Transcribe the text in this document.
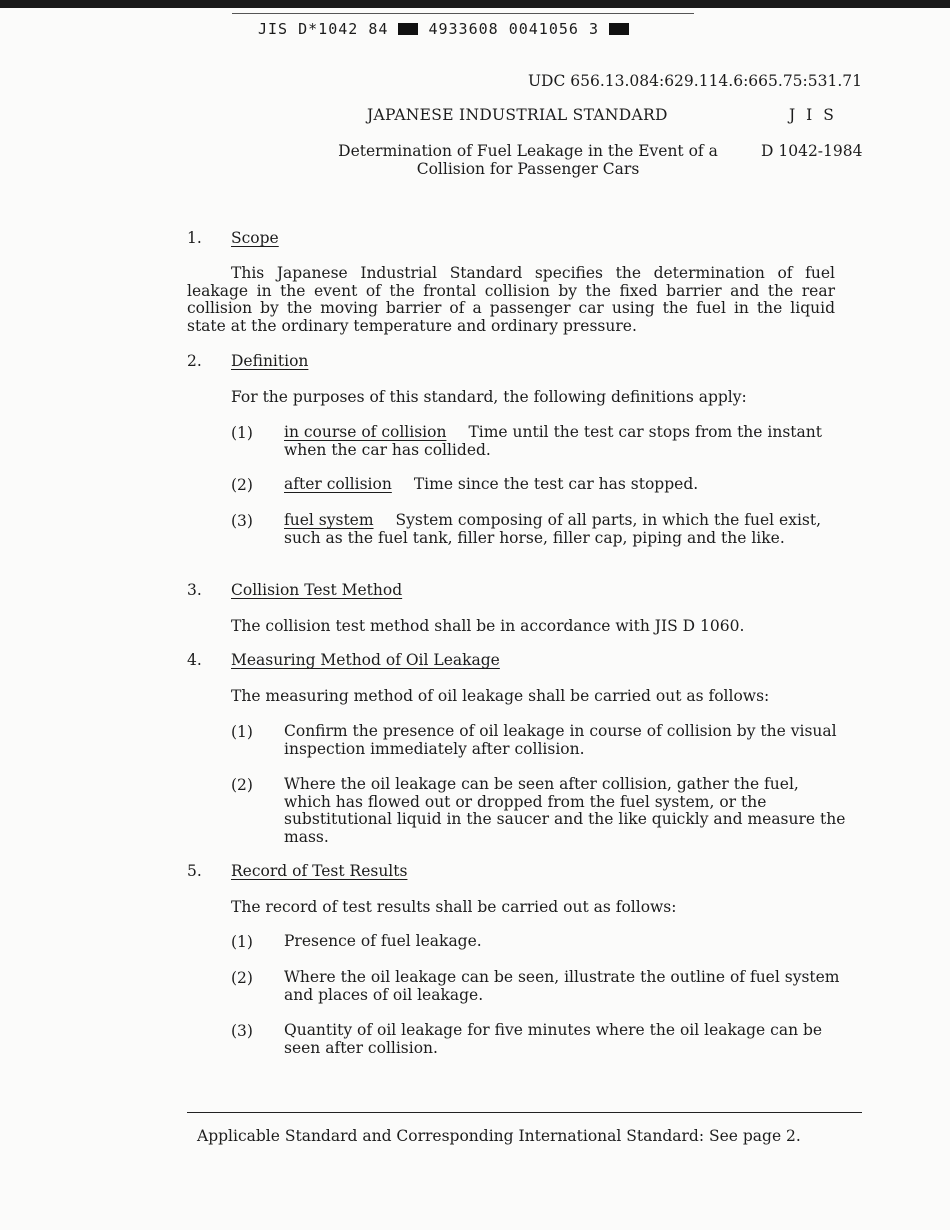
JIS D*1042 84	4933608 0041056 3
UDC 656.13.084:629.114.6:665.75:531.71
JAPANESE INDUSTRIAL STANDARD	J I S
Determination of Fuel Leakage in the Event of a Collision for Passenger Cars
D 1042-1984
1. Scope
This Japanese Industrial Standard specifies the determination of fuel leakage in the event of the frontal collision by the fixed barrier and the rear collision by the moving barrier of a passenger car using the fuel in the liquid state at the ordinary temperature and ordinary pressure.
2. Definition
For the purposes of this standard, the following definitions apply:
(1) in course of collision Time until the test car stops from the instant when the car has collided.
(2) after collision Time since the test car has stopped.
(3) fuel system System composing of all parts, in which the fuel exist, such as the fuel tank, filler horse, filler cap, piping and the like.
3. Collision Test Method
The collision test method shall be in accordance with JIS D 1060.
4. Measuring Method of Oil Leakage
The measuring method of oil leakage shall be carried out as follows:
(1) Confirm the presence of oil leakage in course of collision by the visual inspection immediately after collision.
(2) Where the oil leakage can be seen after collision, gather the fuel, which has flowed out or dropped from the fuel system, or the substitutional liquid in the saucer and the like quickly and measure the mass.
5. Record of Test Results
The record of test results shall be carried out as follows:
(1) Presence of fuel leakage.
(2) Where the oil leakage can be seen, illustrate the outline of fuel system and places of oil leakage.
(3) Quantity of oil leakage for five minutes where the oil leakage can be seen after collision.
Applicable Standard and Corresponding International Standard: See page 2.
